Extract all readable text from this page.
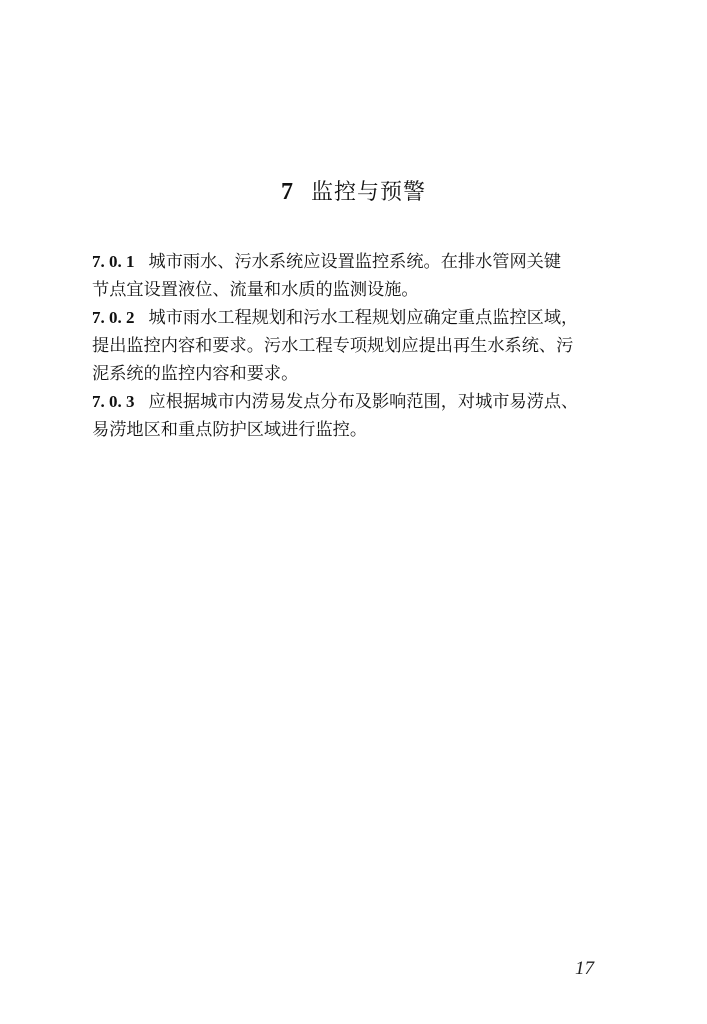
7 监控与预警
7. 0. 1 城市雨水、污水系统应设置监控系统。在排水管网关键
节点宜设置液位、流量和水质的监测设施。
7. 0. 2 城市雨水工程规划和污水工程规划应确定重点监控区域，
提出监控内容和要求。污水工程专项规划应提出再生水系统、污
泥系统的监控内容和要求。
7. 0. 3 应根据城市内涝易发点分布及影响范围，对城市易涝点、
易涝地区和重点防护区域进行监控。
17
